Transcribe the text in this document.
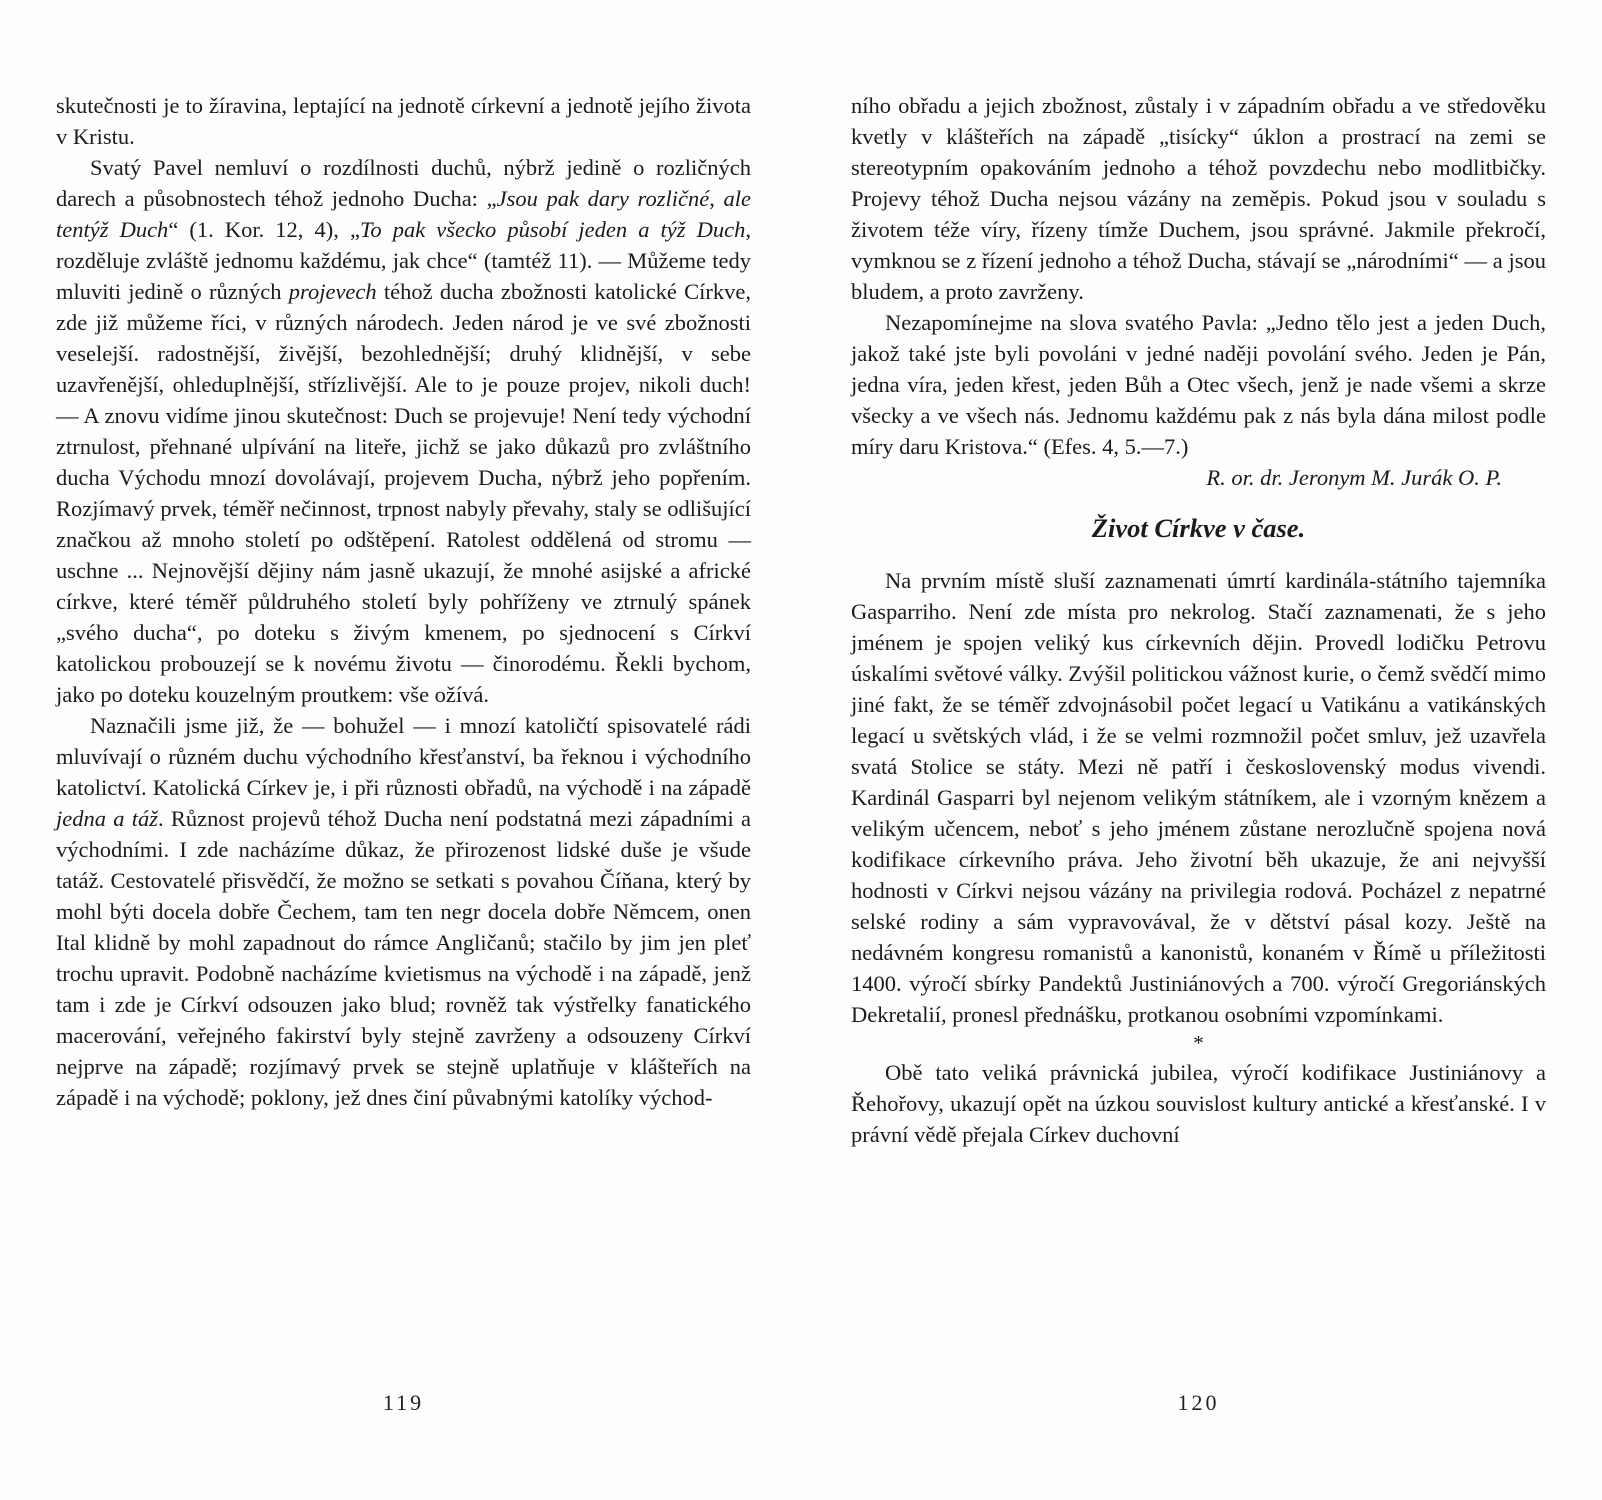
skutečnosti je to žíravina, leptající na jednotě církevní a jednotě jejího života v Kristu.

Svatý Pavel nemluví o rozdílnosti duchů, nýbrž jedině o rozličných darech a působnostech téhož jednoho Ducha: „Jsou pak dary rozličné, ale tentýž Duch“ (1. Kor. 12, 4), „To pak všecko působí jeden a týž Duch, rozděluje zvláště jednomu každému, jak chce“ (tamtéž 11). — Můžeme tedy mluviti jedině o různých projevech téhož ducha zbožnosti katolické Církve, zde již můžeme říci, v různých národech. Jeden národ je ve své zbožnosti veselejší. radostnější, živější, bezohlednější; druhý klidnější, v sebe uzavřenější, ohleduplnější, střízlivější. Ale to je pouze projev, nikoli duch! — A znovu vidíme jinou skutečnost: Duch se projevuje! Není tedy východní ztrnulost, přehnané ulpívání na liteře, jichž se jako důkazů pro zvláštního ducha Východu mnozí dovolávají, projevem Ducha, nýbrž jeho popřením. Rozjímavý prvek, téměř nečinnost, trpnost nabyly převahy, staly se odlišující značkou až mnoho století po odštěpení. Ratolest oddělená od stromu — uschne ... Nejnovější dějiny nám jasně ukazují, že mnohé asijské a africké církve, které téměř půldruhého století byly pohříženy ve ztrnulý spánek „svého ducha“, po doteku s živým kmenem, po sjednocení s Církví katolickou probouzejí se k novému životu — činorodému. Řekli bychom, jako po doteku kouzelným proutkem: vše ožívá.

Naznačili jsme již, že — bohužel — i mnozí katoličtí spisovatelé rádi mluvívají o různém duchu východního křesťanství, ba řeknou i východního katolictví. Katolická Církev je, i při různosti obřadů, na východě i na západě jedna a táž. Různost projevů téhož Ducha není podstatná mezi západními a východními. I zde nacházíme důkaz, že přirozenost lidské duše je všude tatáž. Cestovatelé přisvědčí, že možno se setkati s povahou Číňana, který by mohl býti docela dobře Čechem, tam ten negr docela dobře Němcem, onen Ital klidně by mohl zapadnout do rámce Angličanů; stačilo by jim jen pleť trochu upravit. Podobně nacházíme kvietismus na východě i na západě, jenž tam i zde je Církví odsouzen jako blud; rovněž tak výstřelky fanatického macerování, veřejného fakirství byly stejně zavrženy a odsouzeny Církví nejprve na západě; rozjímavý prvek se stejně uplatňuje v klášteřích na západě i na východě; poklony, jež dnes činí půvabnými katolíky východ-

119

ního obřadu a jejich zbožnost, zůstaly i v západním obřadu a ve středověku kvetly v klášteřích na západě „tisícky“ úklon a prostrací na zemi se stereotypním opakováním jednoho a téhož povzdechu nebo modlitbičky. Projevy téhož Ducha nejsou vázány na zeměpis. Pokud jsou v souladu s životem téže víry, řízeny tímže Duchem, jsou správné. Jakmile překročí, vymknou se z řízení jednoho a téhož Ducha, stávají se „národními“ — a jsou bludem, a proto zavrženy.

Nezapomínejme na slova svatého Pavla: „Jedno tělo jest a jeden Duch, jakož také jste byli povoláni v jedné naději povolání svého. Jeden je Pán, jedna víra, jeden křest, jeden Bůh a Otec všech, jenž je nade všemi a skrze všecky a ve všech nás. Jednomu každému pak z nás byla dána milost podle míry daru Kristova.“ (Efes. 4, 5.—7.)

R. or. dr. Jeronym M. Jurák O. P.

Život Církve v čase.

Na prvním místě sluší zaznamenati úmrtí kardinála-státního tajemníka Gasparriho. Není zde místa pro nekrolog. Stačí zaznamenati, že s jeho jménem je spojen veliký kus církevních dějin. Provedl lodičku Petrovu úskalími světové války. Zvýšil politickou vážnost kurie, o čemž svědčí mimo jiné fakt, že se téměř zdvojnásobil počet legací u Vatikánu a vatikánských legací u světských vlád, i že se velmi rozmnožil počet smluv, jež uzavřela svatá Stolice se státy. Mezi ně patří i československý modus vivendi. Kardinál Gasparri byl nejenom velikým státníkem, ale i vzorným knězem a velikým učencem, neboť s jeho jménem zůstane nerozlučně spojena nová kodifikace církevního práva. Jeho životní běh ukazuje, že ani nejvyšší hodnosti v Církvi nejsou vázány na privilegia rodová. Pocházel z nepatrné selské rodiny a sám vypravovával, že v dětství pásal kozy. Ještě na nedávném kongresu romanistů a kanonistů, konaném v Římě u příležitosti 1400. výročí sbírky Pandektů Justiniánových a 700. výročí Gregoriánských Dekretalií, pronesl přednášku, protkanou osobními vzpomínkami.

*

Obě tato veliká právnická jubilea, výročí kodifikace Justiniánovy a Řehořovy, ukazují opět na úzkou souvislost kultury antické a křesťanské. I v právní vědě přejala Církev duchovní

120
